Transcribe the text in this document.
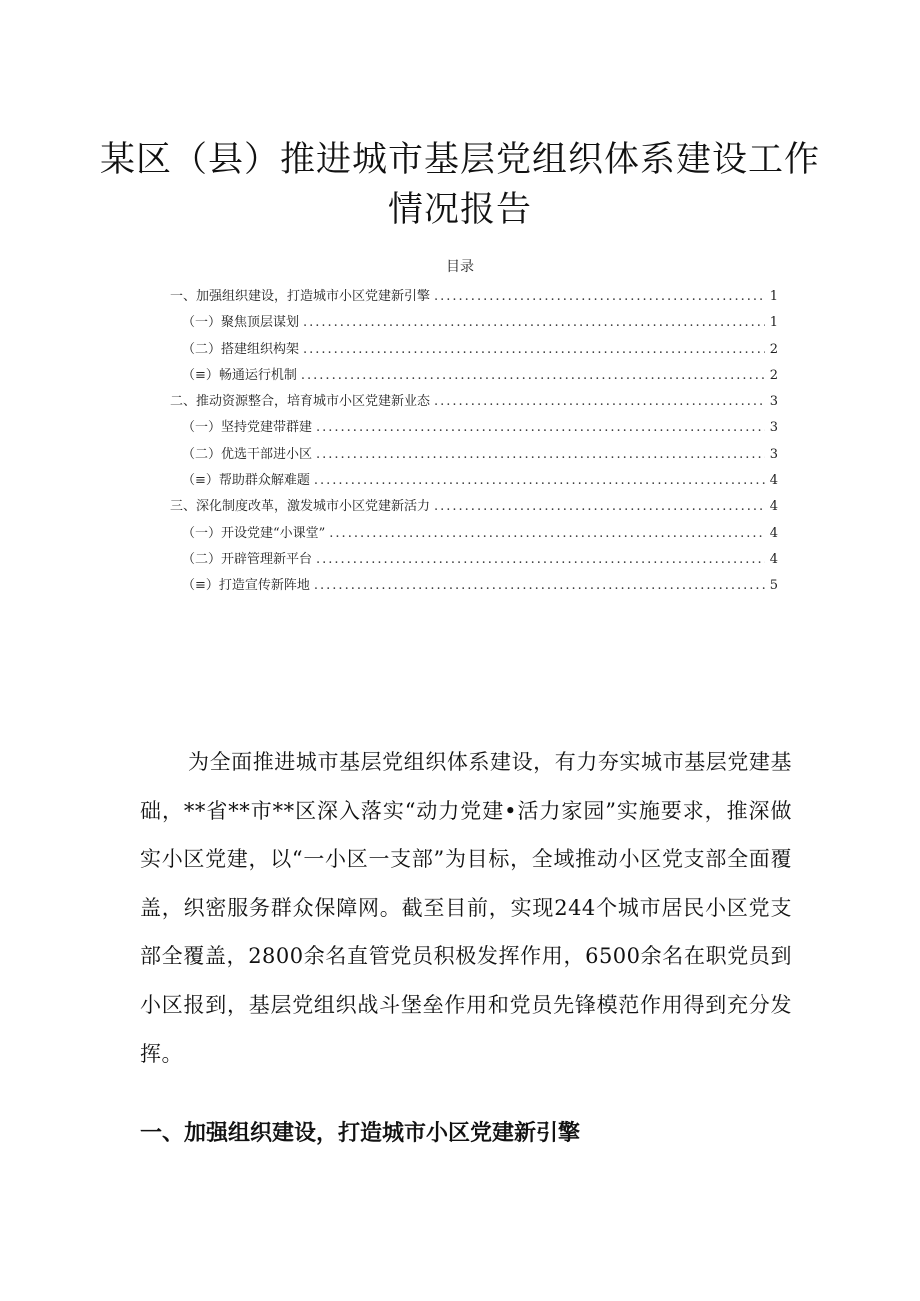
某区（县）推进城市基层党组织体系建设工作情况报告
目录
一、加强组织建设，打造城市小区党建新引擎 .....	1
（一）聚焦顶层谋划 .....	1
（二）搭建组织构架 .....	2
（≡）畅通运行机制 .....	2
二、推动资源整合，培育城市小区党建新业态 .....	3
（一）坚持党建带群建 .....	3
（二）优选干部进小区 .....	3
（≡）帮助群众解难题 .....	4
三、深化制度改革，激发城市小区党建新活力 .....	4
（一）开设党建“小课堂” .....	4
（二）开辟管理新平台 .....	4
（≡）打造宣传新阵地 .....	5

为全面推进城市基层党组织体系建设，有力夯实城市基层党建基础，**省**市**区深入落实“动力党建•活力家园”实施要求，推深做实小区党建，以“一小区一支部”为目标，全域推动小区党支部全面覆盖，织密服务群众保障网。截至目前，实现244个城市居民小区党支部全覆盖，2800余名直管党员积极发挥作用，6500余名在职党员到小区报到，基层党组织战斗堡垒作用和党员先锋模范作用得到充分发挥。

一、加强组织建设，打造城市小区党建新引擎
